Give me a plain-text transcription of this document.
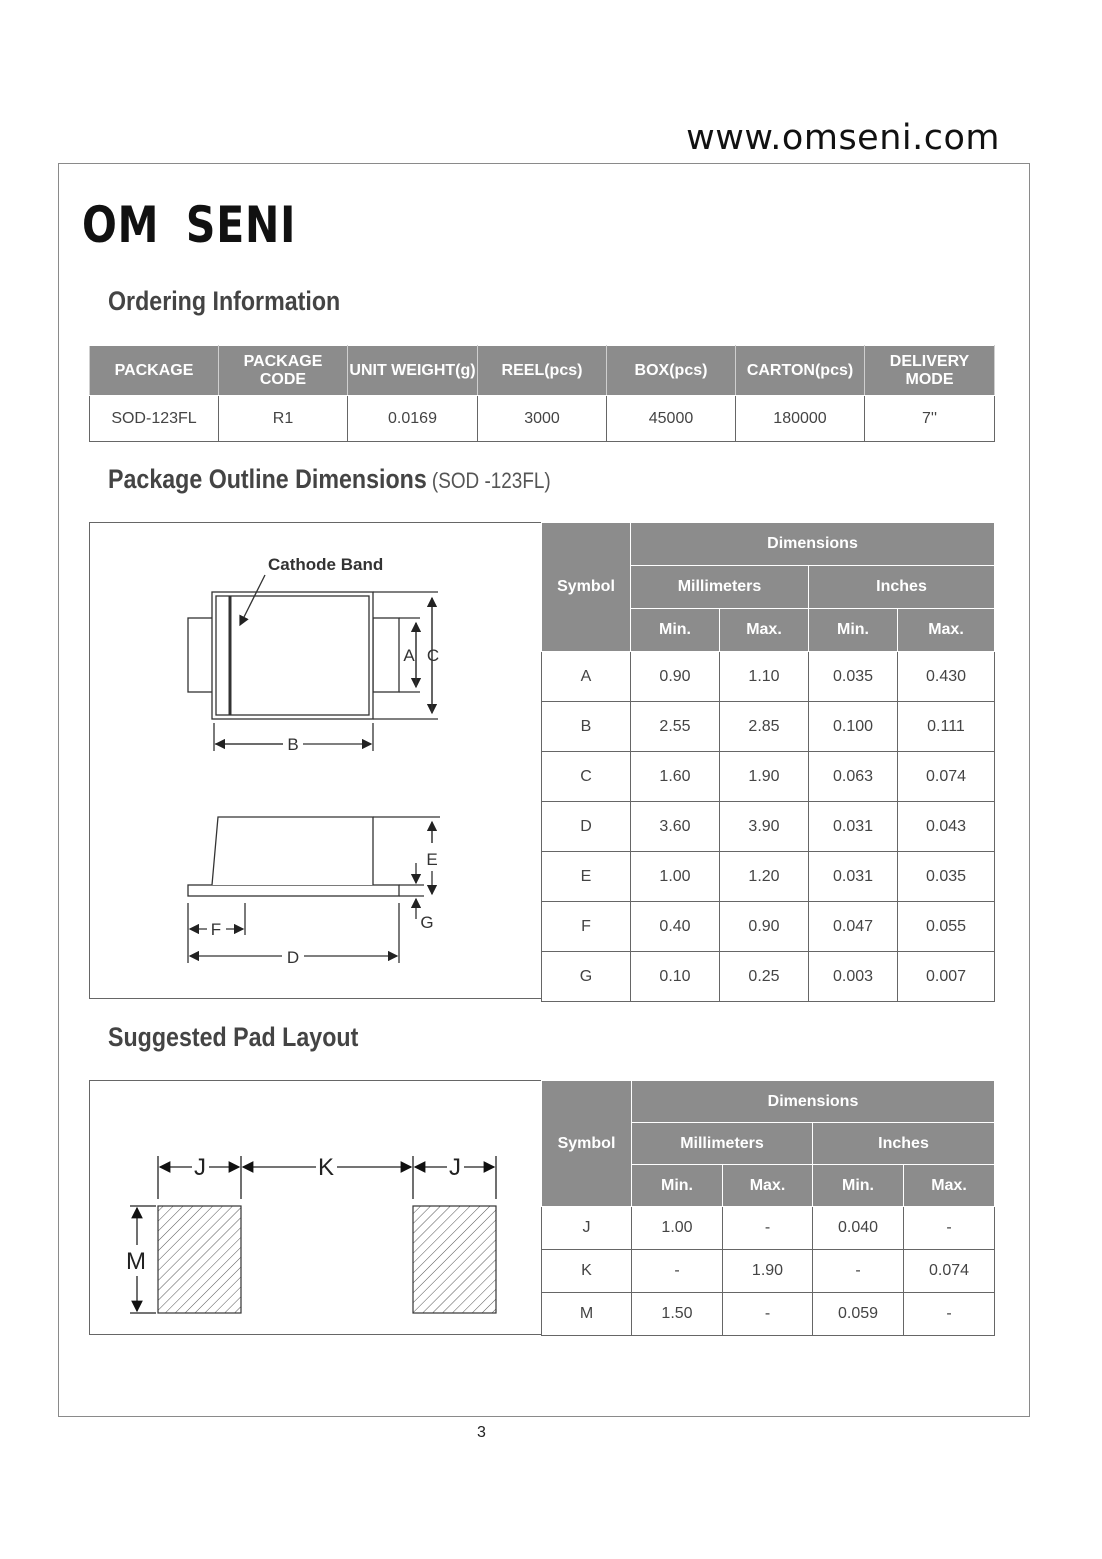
www.omseni.com
OM SENI
Ordering Information
PACKAGE	PACKAGE CODE	UNIT WEIGHT(g)	REEL(pcs)	BOX(pcs)	CARTON(pcs)	DELIVERY MODE
SOD-123FL	R1	0.0169	3000	45000	180000	7''
Package Outline Dimensions (SOD -123FL)
Cathode Band
A C
B
E
G
F
D
Symbol	Dimensions			
	Millimeters		Inches	
	Min.	Max.	Min.	Max.
A	0.90	1.10	0.035	0.430
B	2.55	2.85	0.100	0.111
C	1.60	1.90	0.063	0.074
D	3.60	3.90	0.031	0.043
E	1.00	1.20	0.031	0.035
F	0.40	0.90	0.047	0.055
G	0.10	0.25	0.003	0.007
Suggested Pad Layout
J	K	J
M
Symbol	Dimensions			
	Millimeters		Inches	
	Min.	Max.	Min.	Max.
J	1.00	-	0.040	-
K	-	1.90	-	0.074
M	1.50	-	0.059	-
3
